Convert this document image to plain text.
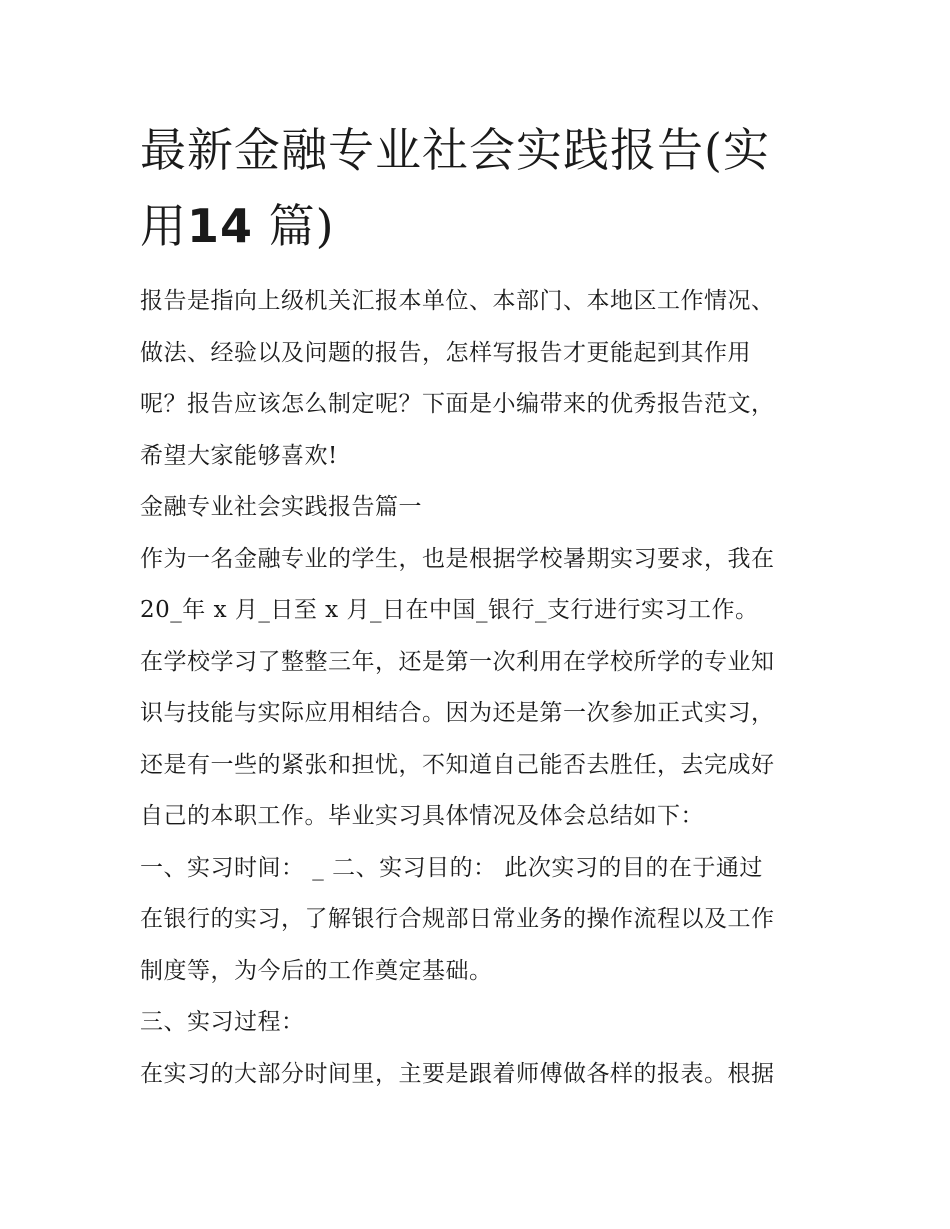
最新金融专业社会实践报告(实
用14 篇)

报告是指向上级机关汇报本单位、本部门、本地区工作情况、
做法、经验以及问题的报告，怎样写报告才更能起到其作用
呢？报告应该怎么制定呢？下面是小编带来的优秀报告范文，
希望大家能够喜欢!

金融专业社会实践报告篇一

作为一名金融专业的学生，也是根据学校暑期实习要求，我在
20_年 x 月_日至 x 月_日在中国_银行_支行进行实习工作。
在学校学习了整整三年，还是第一次利用在学校所学的专业知
识与技能与实际应用相结合。因为还是第一次参加正式实习，
还是有一些的紧张和担忧，不知道自己能否去胜任，去完成好
自己的本职工作。毕业实习具体情况及体会总结如下：
一、实习时间： _ 二、实习目的： 此次实习的目的在于通过
在银行的实习，了解银行合规部日常业务的操作流程以及工作
制度等，为今后的工作奠定基础。
三、实习过程：
在实习的大部分时间里，主要是跟着师傅做各样的报表。根据
